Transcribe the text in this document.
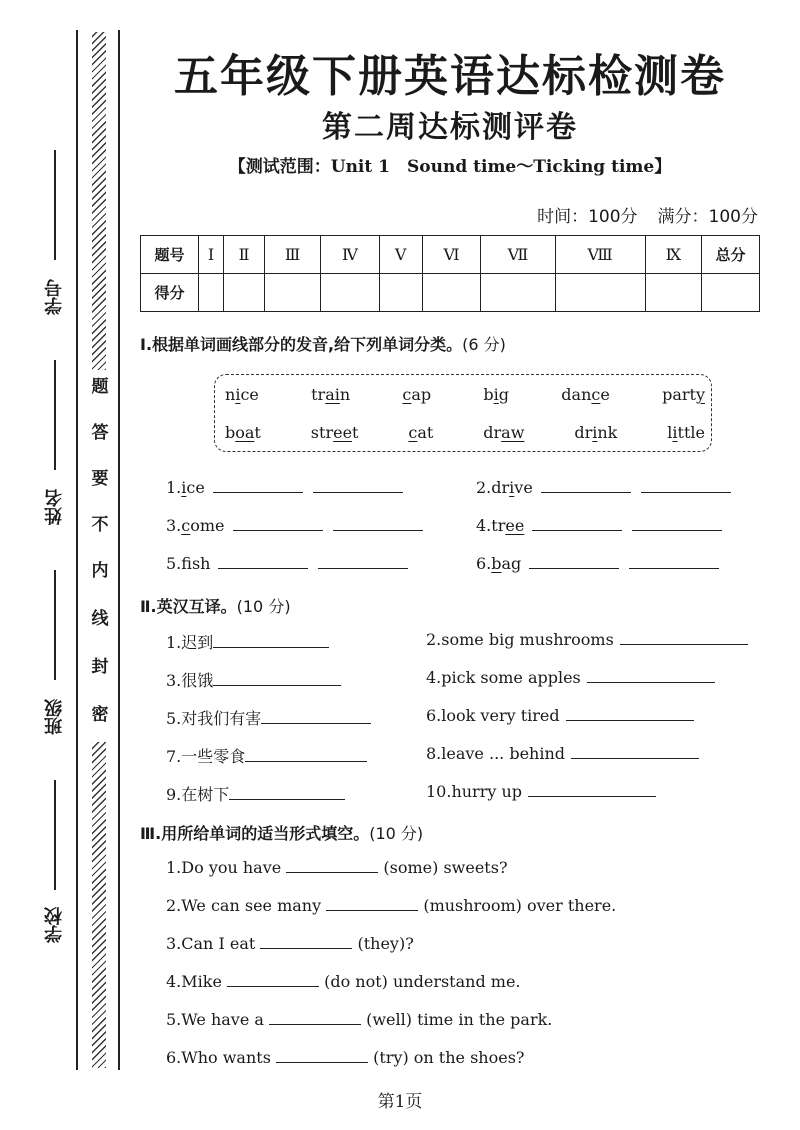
题
答
要
不
内
线
封
密
学号
姓名
班级
学校
五年级下册英语达标检测卷
第二周达标测评卷
【测试范围：Unit 1　Sound time～Ticking time】
时间：100分 满分：100分
题号	Ⅰ	Ⅱ	Ⅲ	Ⅳ	Ⅴ	Ⅵ	Ⅶ	Ⅷ	Ⅸ	总分
得分										
Ⅰ.根据单词画线部分的发音,给下列单词分类。(6 分)
nice	train	cap	big	dance	party
boat	street	cat	draw	drink	little
1.ice	2.drive
3.come	4.tree
5.fsh	6.bag
Ⅱ.英汉互译。(10 分)
1.迟到	2.some big mushrooms
3.很饿	4.pick some apples
5.对我们有害	6.look very tired
7.一些零食	8.leave ... behind
9.在树下	10.hurry up
Ⅲ.用所给单词的适当形式填空。(10 分)
1.Do you have	(some) sweets?
2.We can see many	(mushroom) over there.
3.Can I eat	(they)?
4.Mike	(do not) understand me.
5.We have a	(well) time in the park.
6.Who wants	(try) on the shoes?
第1页
